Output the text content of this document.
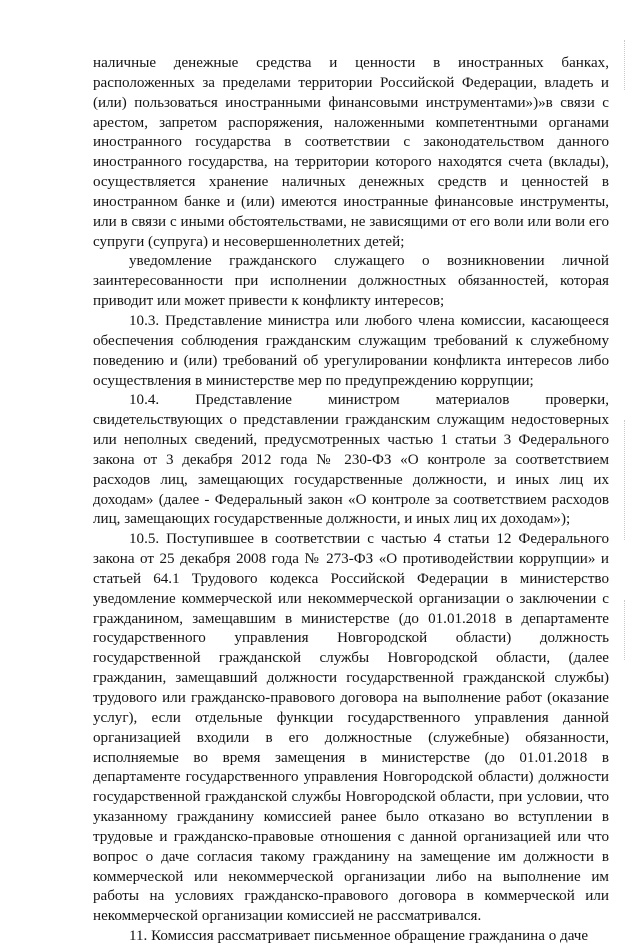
наличные денежные средства и ценности в иностранных банках, расположенных за пределами территории Российской Федерации, владеть и (или) пользоваться иностранными финансовыми инструментами»)»в связи с арестом, запретом распоряжения, наложенными компетентными органами иностранного государства в соответствии с законодательством данного иностранного государства, на территории которого находятся счета (вклады), осуществляется хранение наличных денежных средств и ценностей в иностранном банке и (или) имеются иностранные финансовые инструменты, или в связи с иными обстоятельствами, не зависящими от его воли или воли его супруги (супруга) и несовершеннолетних детей;

уведомление гражданского служащего о возникновении личной заинтересованности при исполнении должностных обязанностей, которая приводит или может привести к конфликту интересов;

10.3. Представление министра или любого члена комиссии, касающееся обеспечения соблюдения гражданским служащим требований к служебному поведению и (или) требований об урегулировании конфликта интересов либо осуществления в министерстве мер по предупреждению коррупции;

10.4. Представление министром материалов проверки, свидетельствующих о представлении гражданским служащим недостоверных или неполных сведений, предусмотренных частью 1 статьи 3 Федерального закона от 3 декабря 2012 года № 230-ФЗ «О контроле за соответствием расходов лиц, замещающих государственные должности, и иных лиц их доходам» (далее - Федеральный закон «О контроле за соответствием расходов лиц, замещающих государственные должности, и иных лиц их доходам»);

10.5. Поступившее в соответствии с частью 4 статьи 12 Федерального закона от 25 декабря 2008 года № 273-ФЗ «О противодействии коррупции» и статьей 64.1 Трудового кодекса Российской Федерации в министерство уведомление коммерческой или некоммерческой организации о заключении с гражданином, замещавшим в министерстве (до 01.01.2018 в департаменте государственного управления Новгородской области) должность государственной гражданской службы Новгородской области, (далее гражданин, замещавший должности государственной гражданской службы) трудового или гражданско-правового договора на выполнение работ (оказание услуг), если отдельные функции государственного управления данной организацией входили в его должностные (служебные) обязанности, исполняемые во время замещения в министерстве (до 01.01.2018 в департаменте государственного управления Новгородской области) должности государственной гражданской службы Новгородской области, при условии, что указанному гражданину комиссией ранее было отказано во вступлении в трудовые и гражданско-правовые отношения с данной организацией или что вопрос о даче согласия такому гражданину на замещение им должности в коммерческой или некоммерческой организации либо на выполнение им работы на условиях гражданско-правового договора в коммерческой или некоммерческой организации комиссией не рассматривался.

11. Комиссия рассматривает письменное обращение гражданина о даче
